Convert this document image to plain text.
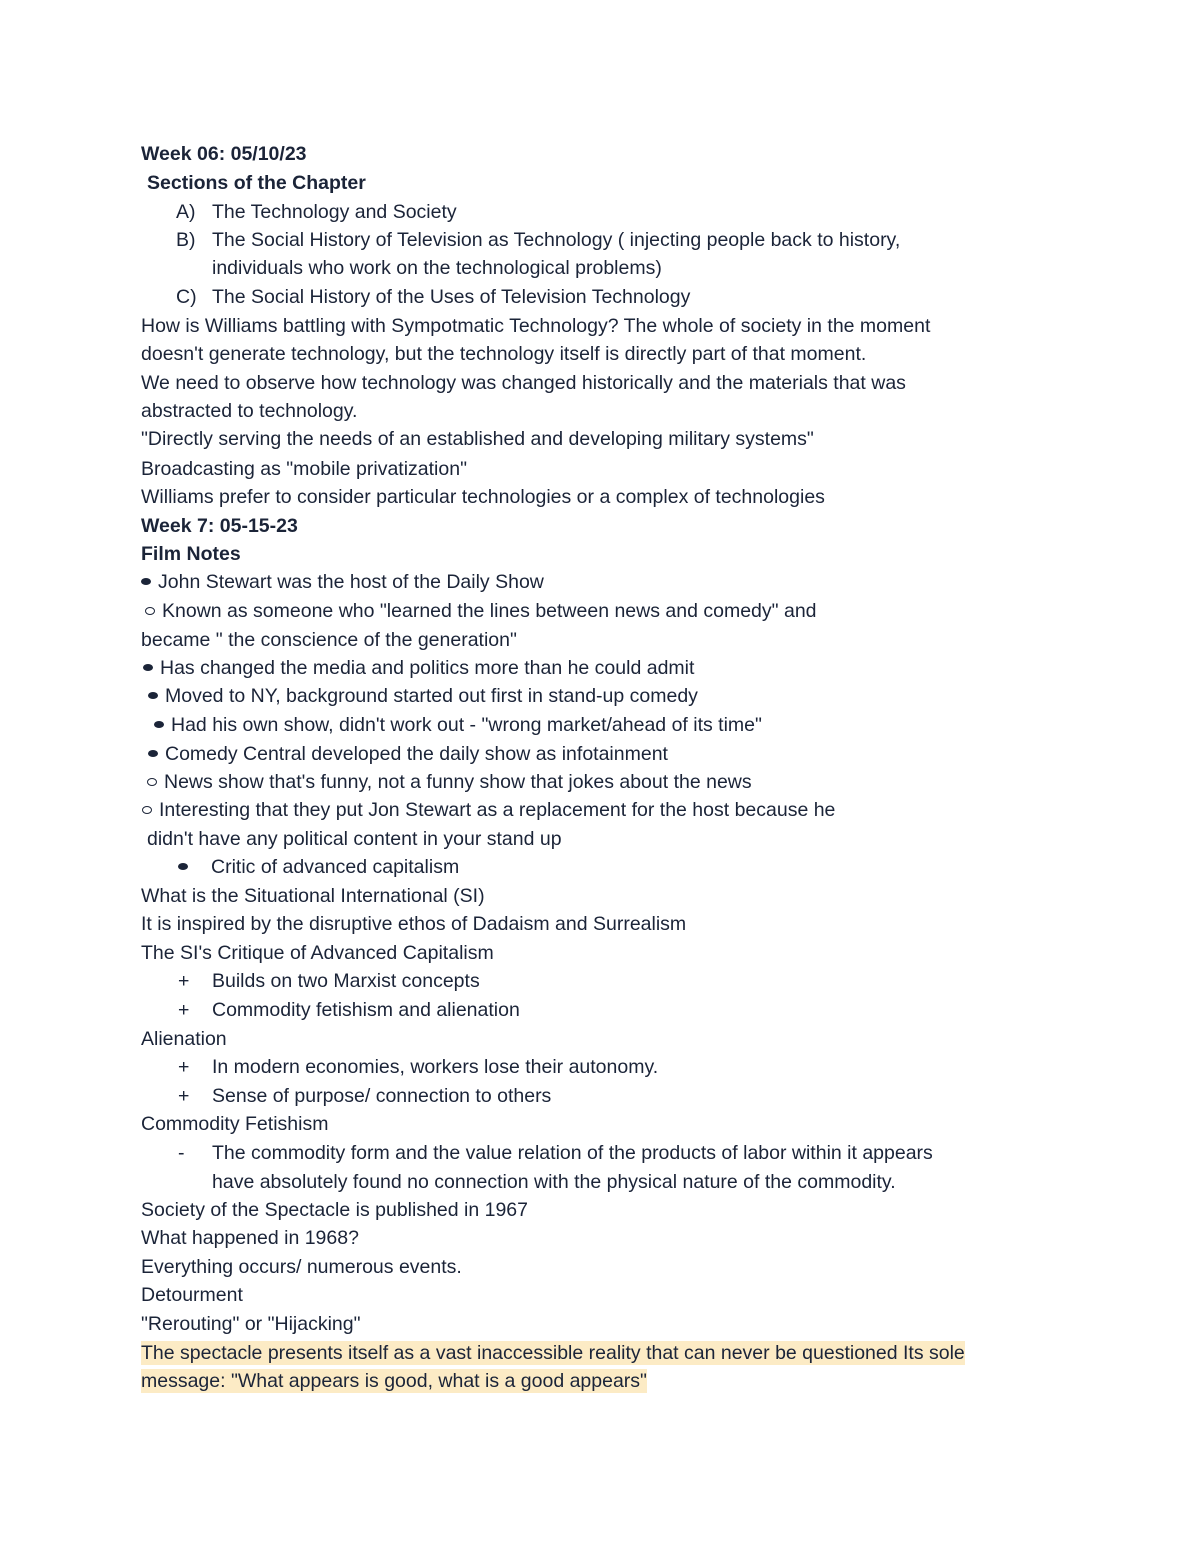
Week 06: 05/10/23
Sections of the Chapter
A) The Technology and Society
B) The Social History of Television as Technology ( injecting people back to history,
individuals who work on the technological problems)
C) The Social History of the Uses of Television Technology
How is Williams battling with Sympotmatic Technology? The whole of society in the moment
doesn't generate technology, but the technology itself is directly part of that moment.
We need to observe how technology was changed historically and the materials that was
abstracted to technology.
"Directly serving the needs of an established and developing military systems"
Broadcasting as "mobile privatization"
Williams prefer to consider particular technologies or a complex of technologies
Week 7: 05-15-23
Film Notes
John Stewart was the host of the Daily Show
Known as someone who "learned the lines between news and comedy" and
became " the conscience of the generation"
Has changed the media and politics more than he could admit
Moved to NY, background started out first in stand-up comedy
Had his own show, didn't work out - "wrong market/ahead of its time"
Comedy Central developed the daily show as infotainment
News show that's funny, not a funny show that jokes about the news
Interesting that they put Jon Stewart as a replacement for the host because he
didn't have any political content in your stand up
Critic of advanced capitalism
What is the Situational International (SI)
It is inspired by the disruptive ethos of Dadaism and Surrealism
The SI's Critique of Advanced Capitalism
+ Builds on two Marxist concepts
+ Commodity fetishism and alienation
Alienation
+ In modern economies, workers lose their autonomy.
+ Sense of purpose/ connection to others
Commodity Fetishism
- The commodity form and the value relation of the products of labor within it appears
have absolutely found no connection with the physical nature of the commodity.
Society of the Spectacle is published in 1967
What happened in 1968?
Everything occurs/ numerous events.
Detourment
"Rerouting" or "Hijacking"
The spectacle presents itself as a vast inaccessible reality that can never be questioned Its sole
message: "What appears is good, what is a good appears"
